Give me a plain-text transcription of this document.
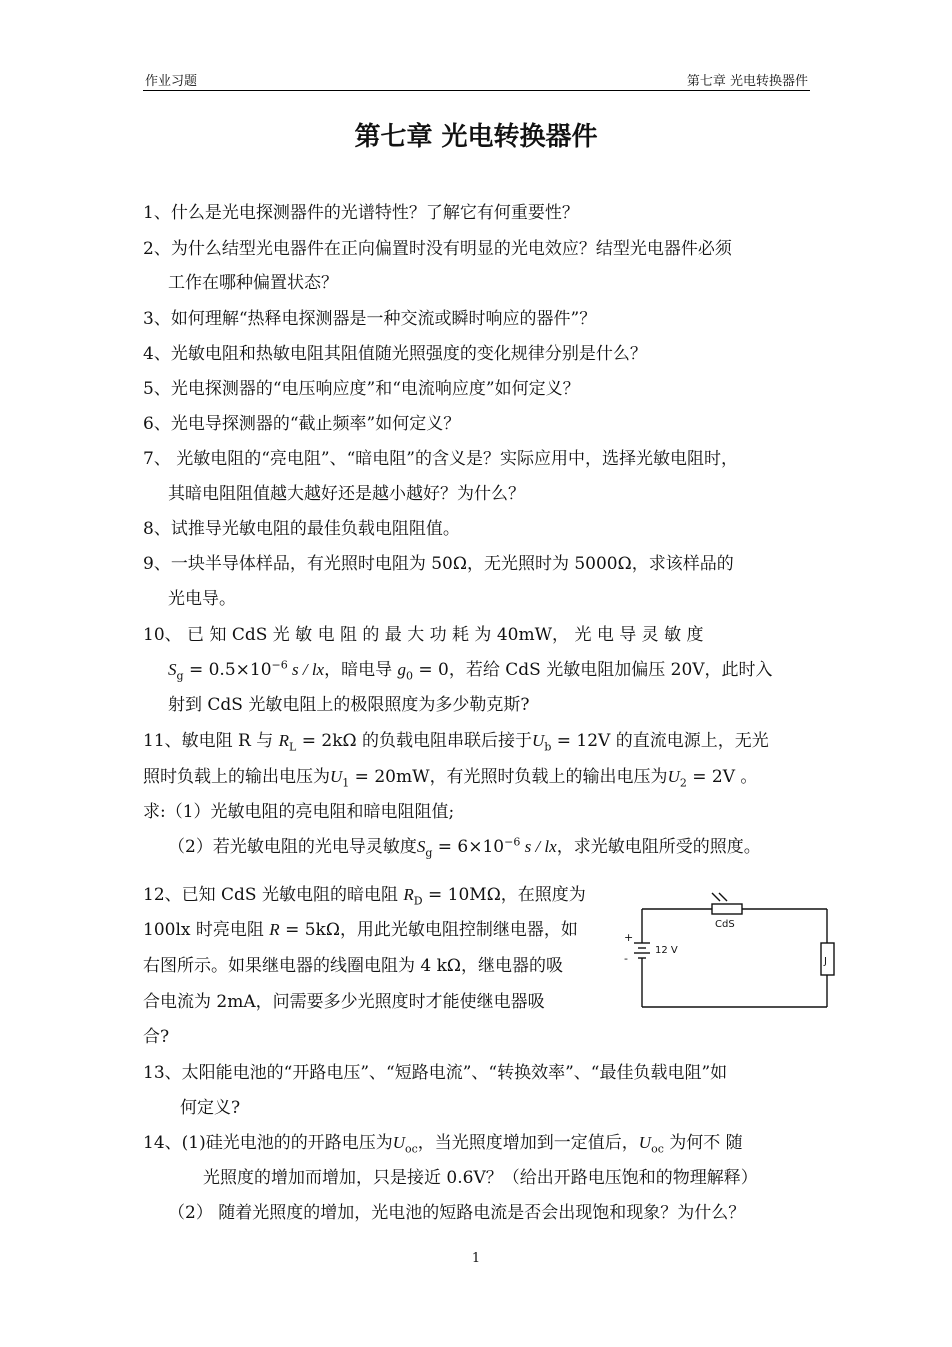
作业习题	第七章 光电转换器件
第七章 光电转换器件
1、什么是光电探测器件的光谱特性？了解它有何重要性？
2、为什么结型光电器件在正向偏置时没有明显的光电效应？结型光电器件必须
工作在哪种偏置状态？
3、如何理解“热释电探测器是一种交流或瞬时响应的器件”？
4、光敏电阻和热敏电阻其阻值随光照强度的变化规律分别是什么？
5、光电探测器的“电压响应度”和“电流响应度”如何定义？
6、光电导探测器的“截止频率”如何定义？
7、 光敏电阻的“亮电阻”、“暗电阻”的含义是？实际应用中，选择光敏电阻时，
其暗电阻阻值越大越好还是越小越好？为什么？
8、试推导光敏电阻的最佳负载电阻阻值。
9、一块半导体样品，有光照时电阻为 50Ω，无光照时为 5000Ω，求该样品的
光电导。
10、 已 知 CdS 光 敏 电 阻 的 最 大 功 耗 为 40mW， 光 电 导 灵 敏 度
$S_g = 0.5\times 10^{-6}$ s / lx，暗电导 $g_0 = 0$，若给 CdS 光敏电阻加偏压 20V，此时入
射到 CdS 光敏电阻上的极限照度为多少勒克斯?
11、敏电阻 R 与 $R_L = 2k\Omega$ 的负载电阻串联后接于$U_b = 12V$ 的直流电源上，无光
照时负载上的输出电压为$U_1 = 20mW$，有光照时负载上的输出电压为$U_2 = 2V$ 。
求:（1）光敏电阻的亮电阻和暗电阻阻值;
（2）若光敏电阻的光电导灵敏度$S_g = 6\times 10^{-6}$ s / lx，求光敏电阻所受的照度。
12、已知 CdS 光敏电阻的暗电阻 $R_D = 10M\Omega$，在照度为
100lx 时亮电阻 R = 5kΩ，用此光敏电阻控制继电器，如
右图所示。如果继电器的线圈电阻为 4 kΩ，继电器的吸
合电流为 2mA，问需要多少光照度时才能使继电器吸
合?
CdS
12 V
+
-	J
13、太阳能电池的“开路电压”、“短路电流”、“转换效率”、“最佳负载电阻”如
何定义?
14、(1)硅光电池的的开路电压为$U_{oc}$，当光照度增加到一定值后，$U_{oc}$ 为何不 随
光照度的增加而增加，只是接近 0.6V？（给出开路电压饱和的物理解释）
（2） 随着光照度的增加，光电池的短路电流是否会出现饱和现象？为什么？
1
